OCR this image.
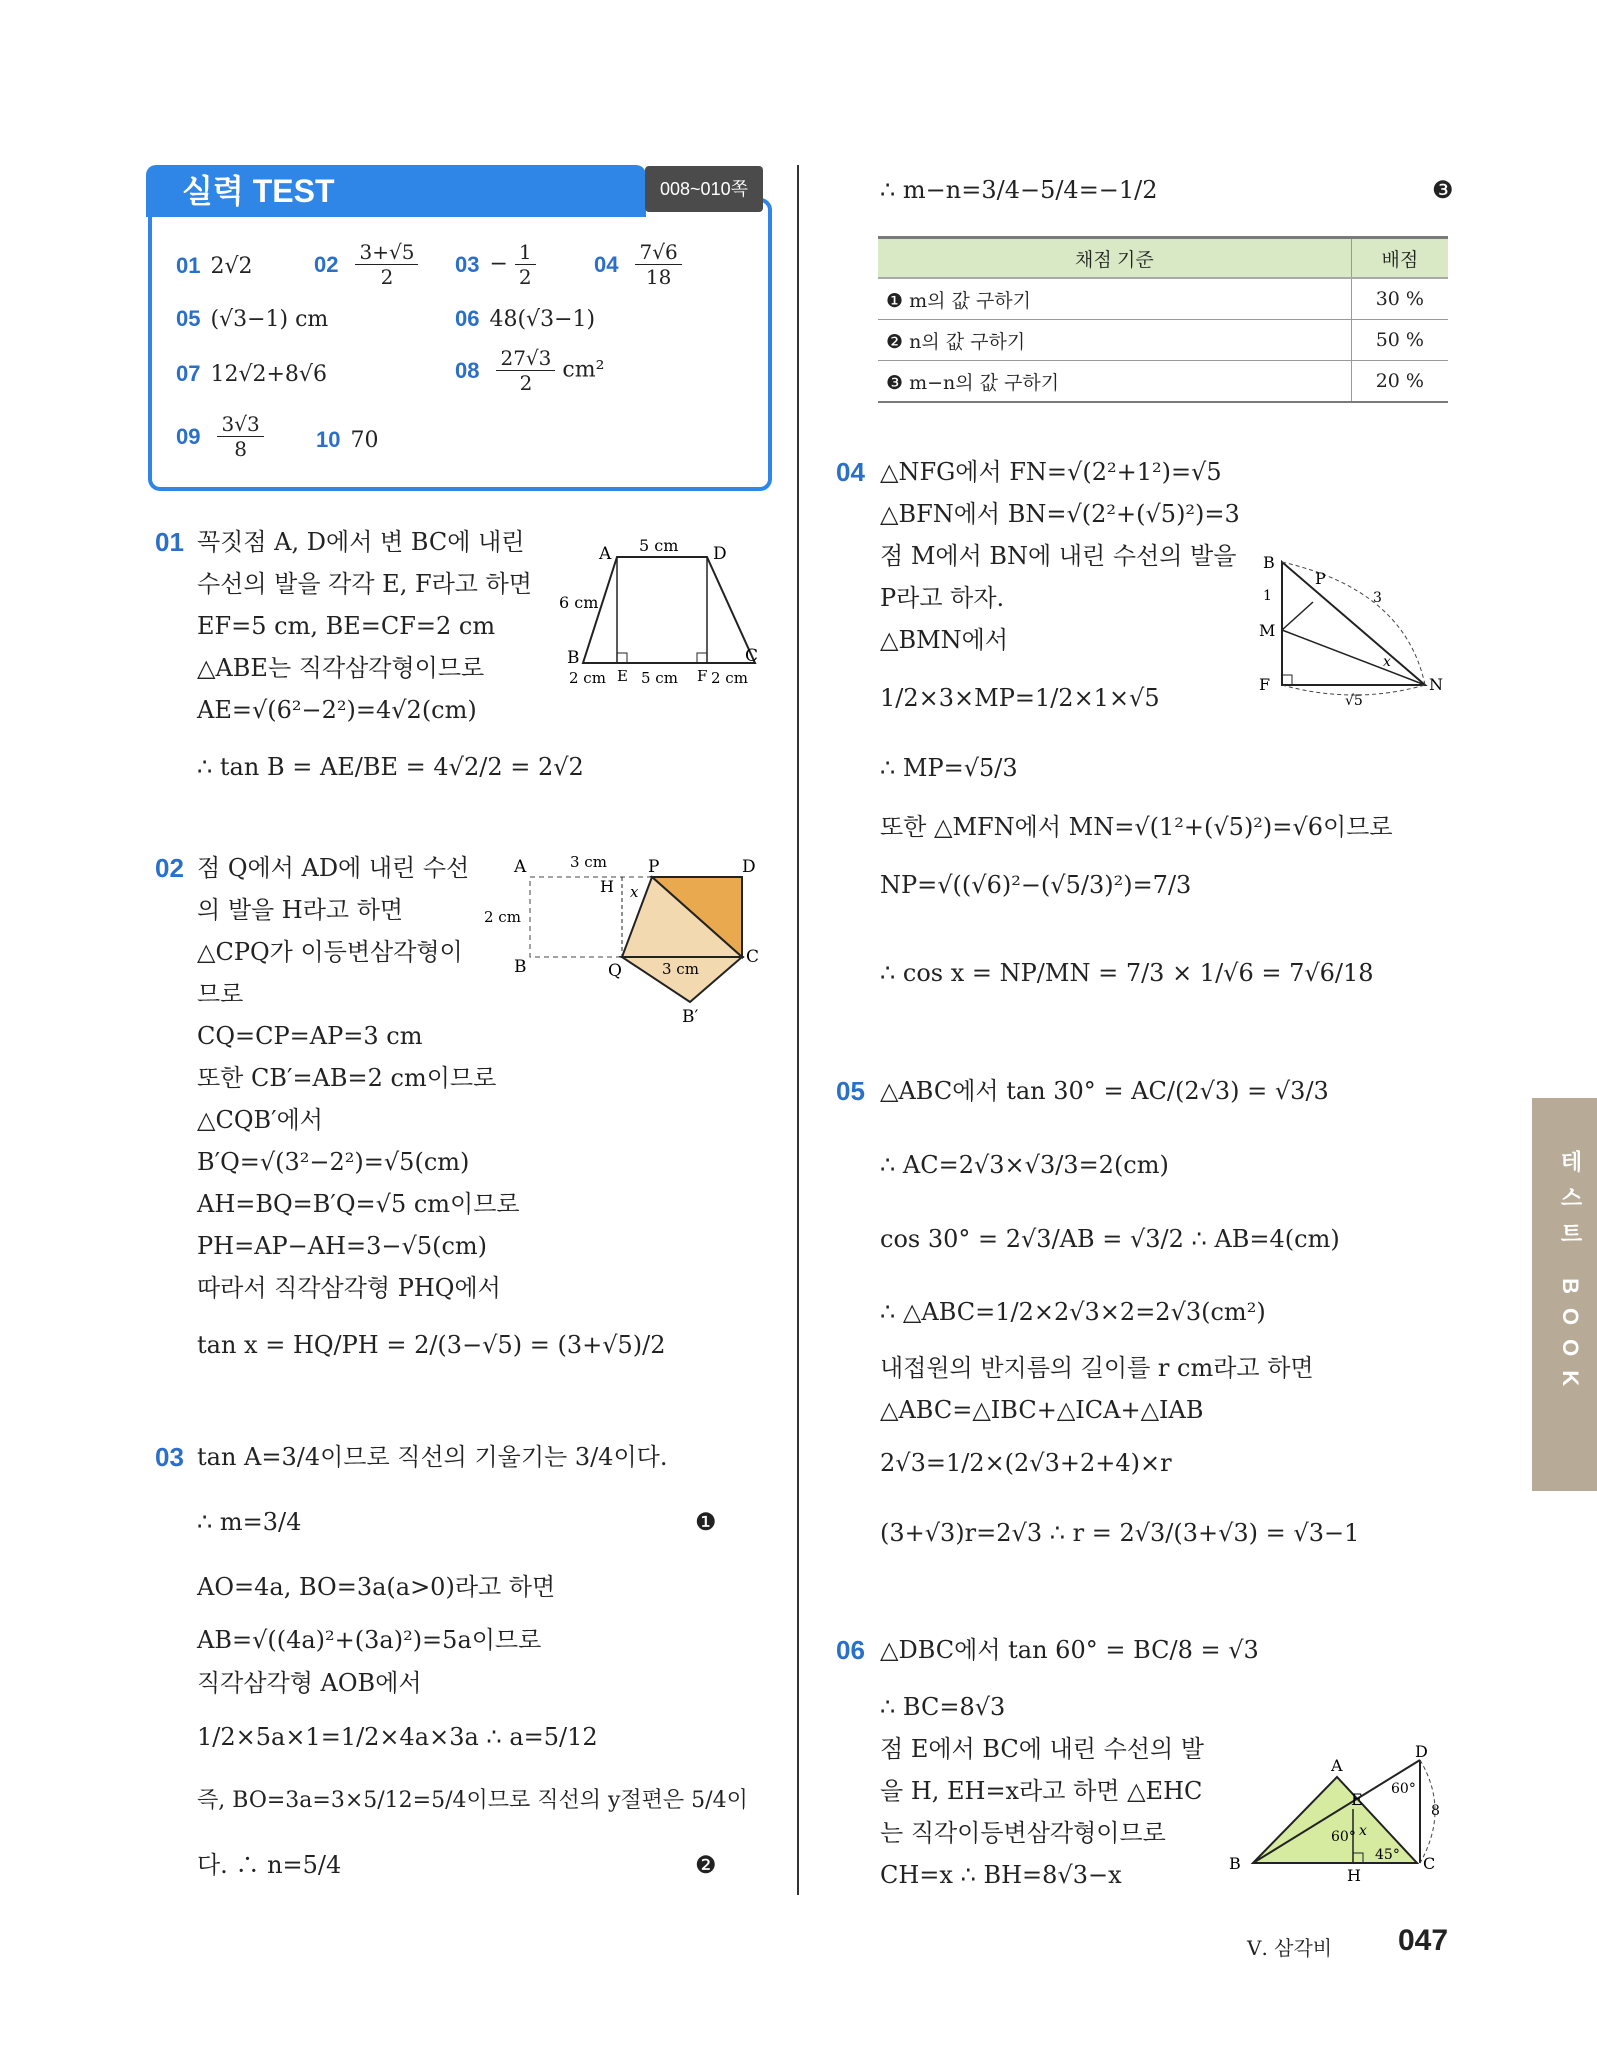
실력 TEST	008~010쪽
01 2√2	$02 \frac{3+√5}{2} 03 - \frac{1}{2}$	$04 \frac{7√6}{18}$
05 (√3−1) cm	06 48(√3−1)
07 12√2+8√6	$08 \frac{27√3}{2} cm^2$
$09 \frac{3√3}{8} 10$ 70
01 꼭짓점 A, D에서 변 BC에 내린
수선의 발을 각각 E, F라고 하면
EF=5 cm, BE=CF=2 cm
△ABE는 직각삼각형이므로
AE=√(6²−2²)=4√2(cm)
∴ tan B = AE/BE = 4√2/2 = 2√2
A	D
B	C
5 cm
6 cm
2 cm E 5 cm F 2 cm
02 점 Q에서 AD에 내린 수선
의 발을 H라고 하면
△CPQ가 이등변삼각형이
므로
CQ=CP=AP=3 cm
또한 CB′=AB=2 cm이므로
△CQB′에서
B′Q=√(3²−2²)=√5(cm)
AH=BQ=B′Q=√5 cm이므로
PH=AP−AH=3−√5(cm)
따라서 직각삼각형 PHQ에서
tan x = HQ/PH = 2/(3−√5) = (3+√5)/2
A	P	D
B	Q
C
H
B′
x
3 cm
2 cm
3 cm
03 tan A=3/4이므로 직선의 기울기는 3/4이다.
∴ m=3/4	❶
AO=4a, BO=3a(a>0)라고 하면
AB=√((4a)²+(3a)²)=5a이므로
직각삼각형 AOB에서
1/2×5a×1=1/2×4a×3a ∴ a=5/12
즉, BO=3a=3×5/12=5/4이므로 직선의 y절편은 5/4이
다. ∴ n=5/4	❷
∴ m−n=3/4−5/4=−1/2	❸
채점 기준	배점
❶ m의 값 구하기	30 %
❷ n의 값 구하기	50 %
❸ m−n의 값 구하기	20 %
04 △NFG에서 FN=√(2²+1²)=√5
△BFN에서 BN=√(2²+(√5)²)=3
점 M에서 BN에 내린 수선의 발을
P라고 하자.
△BMN에서
1/2×3×MP=1/2×1×√5
∴ MP=√5/3
또한 △MFN에서 MN=√(1²+(√5)²)=√6이므로
NP=√((√6)²−(√5/3)²)=7/3
∴ cos x = NP/MN = 7/3 × 1/√6 = 7√6/18
B
P
M
F	N
1	3
√5
x
05 △ABC에서 tan 30° = AC/(2√3) = √3/3
∴ AC=2√3×√3/3=2(cm)
cos 30° = 2√3/AB = √3/2 ∴ AB=4(cm)
∴ △ABC=1/2×2√3×2=2√3(cm²)
내접원의 반지름의 길이를 r cm라고 하면
△ABC=△IBC+△ICA+△IAB
2√3=1/2×(2√3+2+4)×r
(3+√3)r=2√3 ∴ r = 2√3/(3+√3) = √3−1
06 △DBC에서 tan 60° = BC/8 = √3
∴ BC=8√3
점 E에서 BC에 내린 수선의 발
을 H, EH=x라고 하면 △EHC
는 직각이등변삼각형이므로
CH=x ∴ BH=8√3−x
A
D
E
B	C
H
60°
60°
45°
x
8
테스트 BOOK
Ⅴ. 삼각비 047
